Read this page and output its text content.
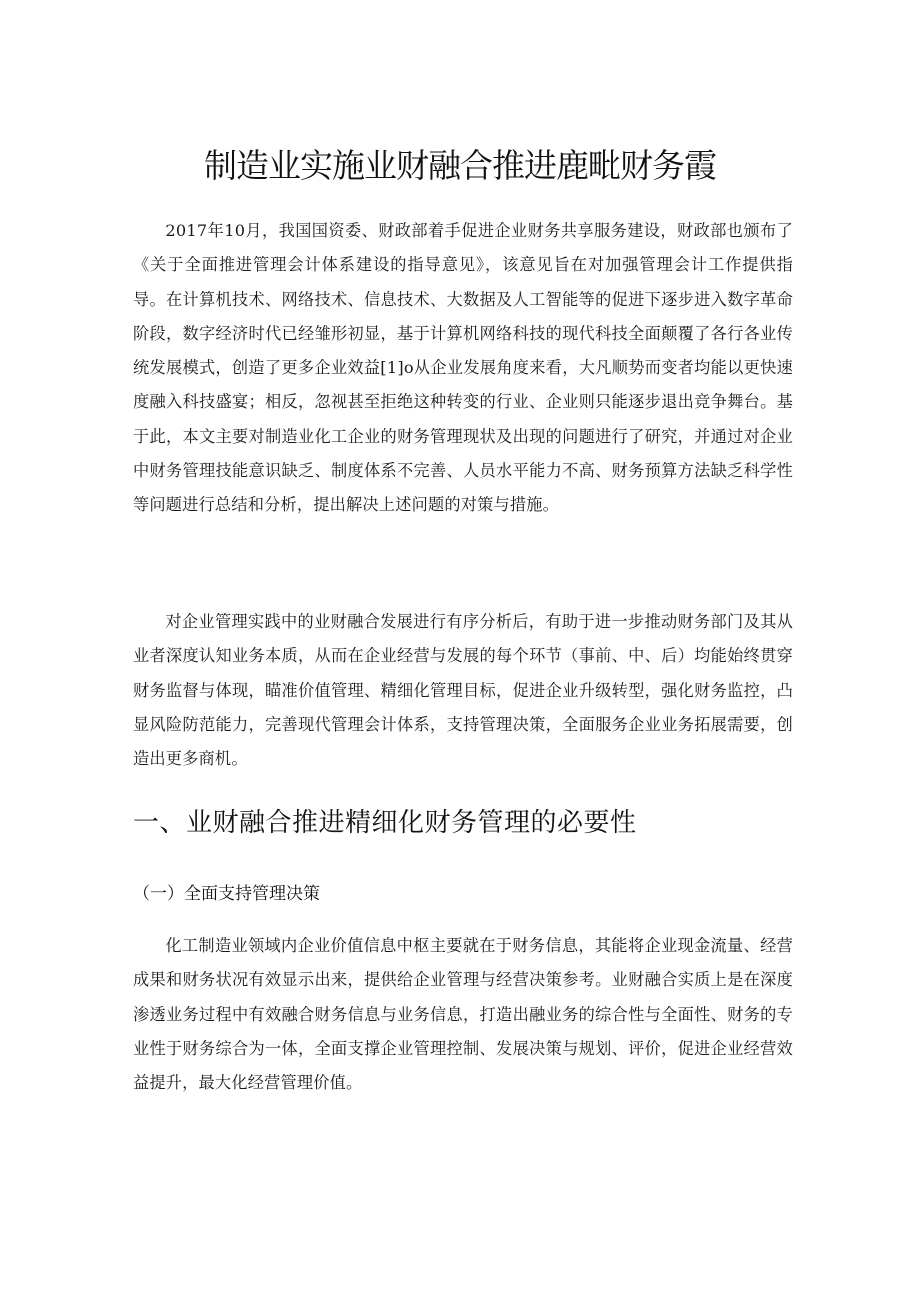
制造业实施业财融合推进鹿毗财务霞

2017年10月，我国国资委、财政部着手促进企业财务共享服务建设，财政部也颁布了《关于全面推进管理会计体系建设的指导意见》，该意见旨在对加强管理会计工作提供指导。在计算机技术、网络技术、信息技术、大数据及人工智能等的促进下逐步进入数字革命阶段，数字经济时代已经雏形初显，基于计算机网络科技的现代科技全面颠覆了各行各业传统发展模式，创造了更多企业效益[1]o从企业发展角度来看，大凡顺势而变者均能以更快速度融入科技盛宴；相反，忽视甚至拒绝这种转变的行业、企业则只能逐步退出竞争舞台。基于此，本文主要对制造业化工企业的财务管理现状及出现的问题进行了研究，并通过对企业中财务管理技能意识缺乏、制度体系不完善、人员水平能力不高、财务预算方法缺乏科学性等问题进行总结和分析，提出解决上述问题的对策与措施。

对企业管理实践中的业财融合发展进行有序分析后，有助于进一步推动财务部门及其从业者深度认知业务本质，从而在企业经营与发展的每个环节（事前、中、后）均能始终贯穿财务监督与体现，瞄准价值管理、精细化管理目标，促进企业升级转型，强化财务监控，凸显风险防范能力，完善现代管理会计体系，支持管理决策，全面服务企业业务拓展需要，创造出更多商机。

一、业财融合推进精细化财务管理的必要性
（一）全面支持管理决策

化工制造业领域内企业价值信息中枢主要就在于财务信息，其能将企业现金流量、经营成果和财务状况有效显示出来，提供给企业管理与经营决策参考。业财融合实质上是在深度渗透业务过程中有效融合财务信息与业务信息，打造出融业务的综合性与全面性、财务的专业性于财务综合为一体，全面支撑企业管理控制、发展决策与规划、评价，促进企业经营效益提升，最大化经营管理价值。
